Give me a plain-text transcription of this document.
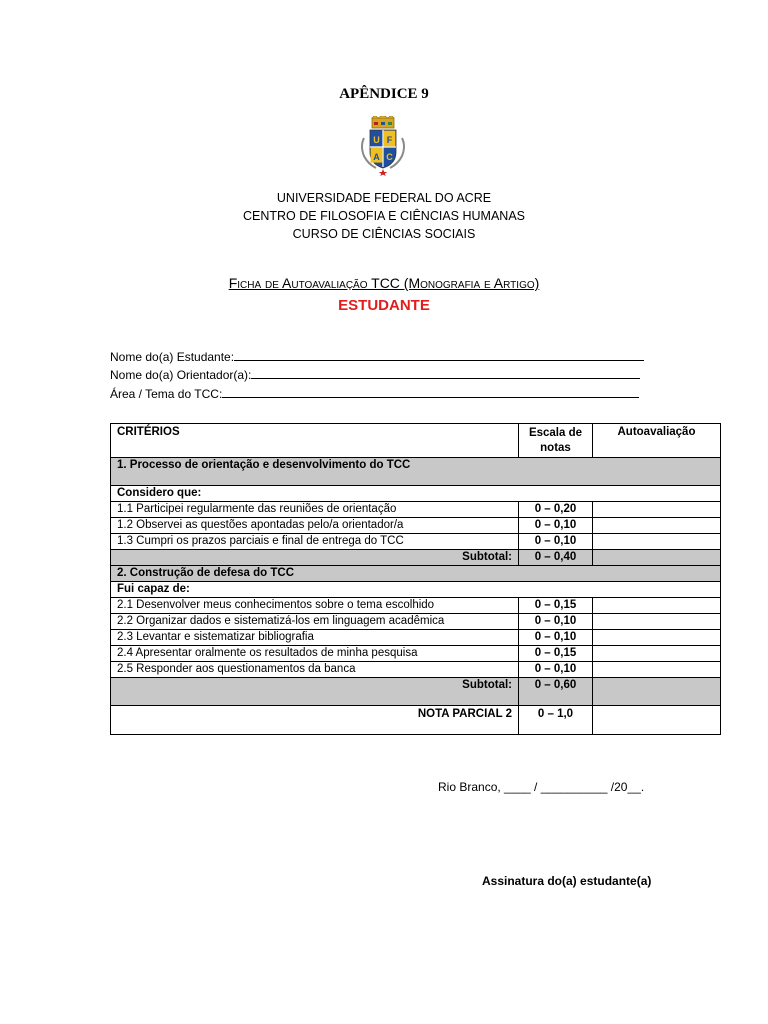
APÊNDICE 9
U F
A C
UNIVERSIDADE FEDERAL DO ACRE
CENTRO DE FILOSOFIA E CIÊNCIAS HUMANAS
CURSO DE CIÊNCIAS SOCIAIS
Ficha de Autoavaliação TCC (Monografia e Artigo)
ESTUDANTE
Nome do(a) Estudante:
Nome do(a) Orientador(a):
Área / Tema do TCC:
CRITÉRIOS	Escala de notas	Autoavaliação
1. Processo de orientação e desenvolvimento do TCC		
Considero que:		
1.1 Participei regularmente das reuniões de orientação	0 – 0,20	
1.2 Observei as questões apontadas pelo/a orientador/a	0 – 0,10	
1.3 Cumpri os prazos parciais e final de entrega do TCC	0 – 0,10	
Subtotal:	0 – 0,40	
2. Construção de defesa do TCC		
Fui capaz de:		
2.1 Desenvolver meus conhecimentos sobre o tema escolhido	0 – 0,15	
2.2 Organizar dados e sistematizá-los em linguagem acadêmica	0 – 0,10	
2.3 Levantar e sistematizar bibliografia	0 – 0,10	
2.4 Apresentar oralmente os resultados de minha pesquisa	0 – 0,15	
2.5 Responder aos questionamentos da banca	0 – 0,10	
Subtotal:	0 – 0,60	
NOTA PARCIAL 2	0 – 1,0	
Rio Branco, ____ / __________ /20__.
Assinatura do(a) estudante(a)
